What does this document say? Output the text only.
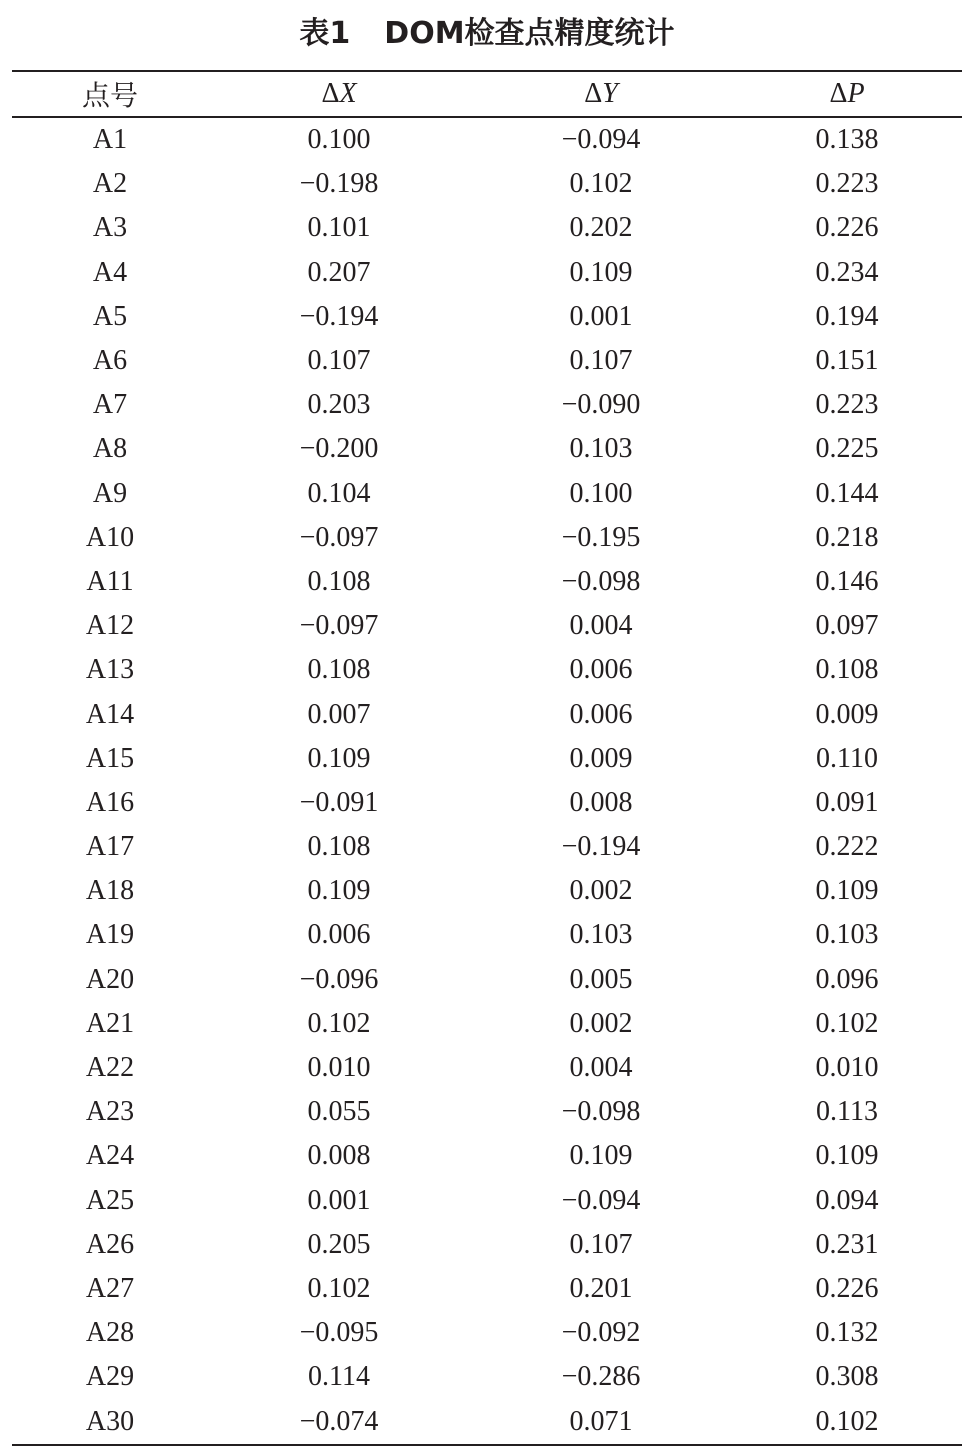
表1 DOM检查点精度统计
点号	ΔX	ΔY	ΔP
A1	0.100	−0.094	0.138
A2	−0.198	0.102	0.223
A3	0.101	0.202	0.226
A4	0.207	0.109	0.234
A5	−0.194	0.001	0.194
A6	0.107	0.107	0.151
A7	0.203	−0.090	0.223
A8	−0.200	0.103	0.225
A9	0.104	0.100	0.144
A10	−0.097	−0.195	0.218
A11	0.108	−0.098	0.146
A12	−0.097	0.004	0.097
A13	0.108	0.006	0.108
A14	0.007	0.006	0.009
A15	0.109	0.009	0.110
A16	−0.091	0.008	0.091
A17	0.108	−0.194	0.222
A18	0.109	0.002	0.109
A19	0.006	0.103	0.103
A20	−0.096	0.005	0.096
A21	0.102	0.002	0.102
A22	0.010	0.004	0.010
A23	0.055	−0.098	0.113
A24	0.008	0.109	0.109
A25	0.001	−0.094	0.094
A26	0.205	0.107	0.231
A27	0.102	0.201	0.226
A28	−0.095	−0.092	0.132
A29	0.114	−0.286	0.308
A30	−0.074	0.071	0.102
